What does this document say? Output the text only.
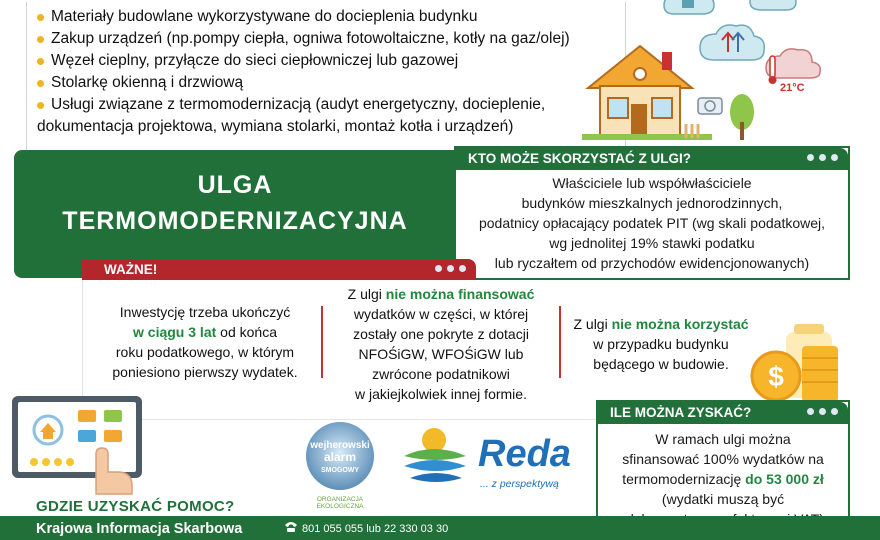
Materiały budowlane wykorzystywane do docieplenia budynku
Zakup urządzeń (np.pompy ciepła, ogniwa fotowoltaiczne, kotły na gaz/olej)
Węzeł cieplny, przyłącze do sieci ciepłowniczej lub gazowej
Stolarkę okienną i drzwiową
Usługi związane z termomodernizacją (audyt energetyczny, docieplenie,
dokumentacja projektowa, wymiana stolarki, montaż kotła i urządzeń)
21°C
ULGA
TERMOMODERNIZACYJNA
KTO MOŻE SKORZYSTAĆ Z ULGI?
Właściciele lub współwłaściciele
budynków mieszkalnych jednorodzinnych,
podatnicy opłacający podatek PIT (wg skali podatkowej,
wg jednolitej 19% stawki podatku
lub ryczałtem od przychodów ewidencjonowanych)
WAŻNE!
Inwestycję trzeba ukończyć
w ciągu 3 lat od końca
roku podatkowego, w którym
poniesiono pierwszy wydatek.
Z ulgi nie można finansować
wydatków w części, w której
zostały one pokryte z dotacji
NFOŚiGW, WFOŚiGW lub
zwrócone podatnikowi
w jakiejkolwiek innej formie.
Z ulgi nie można korzystać
w przypadku budynku
będącego w budowie.	$
ILE MOŻNA ZYSKAĆ?
W ramach ulgi można
sfinansować 100% wydatków na
termomodernizację do 53 000 zł
(wydatki muszą być
wejherowski
alarm
SMOGOWY
ORGANIZACJA
EKOLOGICZNA
Reda
... z perspektywą
GDZIE UZYSKAĆ POMOC?
Krajowa Informacja Skarbowa	801 055 055 lub 22 330 03 30
